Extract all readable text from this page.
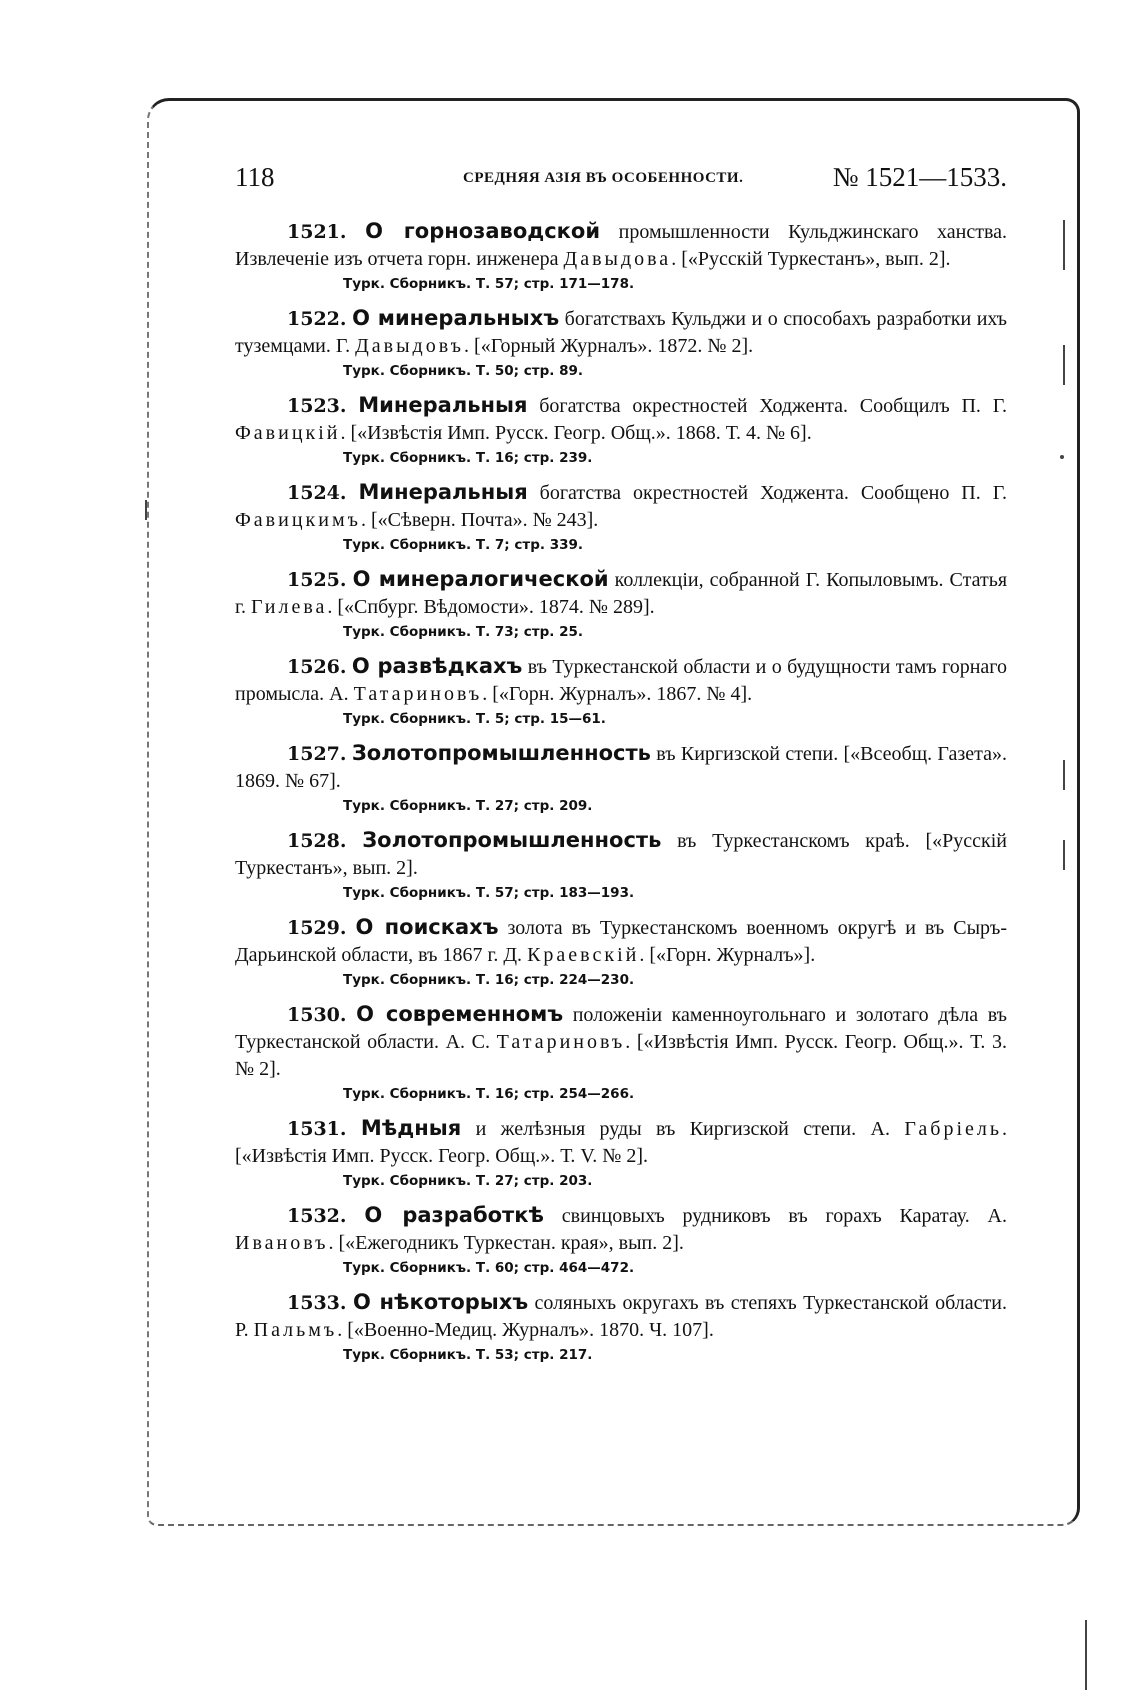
118	СРЕДНЯЯ АЗІЯ ВЪ ОСОБЕННОСТИ.	№ 1521—1533.
1521. О горнозаводской промышленности Кульджинскаго ханства. Извлеченіе изъ отчета горн. инженера Давыдова. [«Русскій Туркестанъ», вып. 2].
Турк. Сборникъ. Т. 57; стр. 171—178.
1522. О минеральныхъ богатствахъ Кульджи и о способахъ разработки ихъ туземцами. Г. Давыдовъ. [«Горный Журналъ». 1872. № 2].
Турк. Сборникъ. Т. 50; стр. 89.
1523. Минеральныя богатства окрестностей Ходжента. Сообщилъ П. Г. Фавицкій. [«Извѣстія Имп. Русск. Геогр. Общ.». 1868. Т. 4. № 6].
Турк. Сборникъ. Т. 16; стр. 239.
1524. Минеральныя богатства окрестностей Ходжента. Сообщено П. Г. Фавицкимъ. [«Сѣверн. Почта». № 243].
Турк. Сборникъ. Т. 7; стр. 339.
1525. О минералогической коллекціи, собранной Г. Копыловымъ. Статья г. Гилева. [«Спбург. Вѣдомости». 1874. № 289].
Турк. Сборникъ. Т. 73; стр. 25.
1526. О развѣдкахъ въ Туркестанской области и о будущности тамъ горнаго промысла. А. Татариновъ. [«Горн. Журналъ». 1867. № 4].
Турк. Сборникъ. Т. 5; стр. 15—61.
1527. Золотопромышленность въ Киргизской степи. [«Всеобщ. Газета». 1869. № 67].
Турк. Сборникъ. Т. 27; стр. 209.
1528. Золотопромышленность въ Туркестанскомъ краѣ. [«Русскій Туркестанъ», вып. 2].
Турк. Сборникъ. Т. 57; стр. 183—193.
1529. О поискахъ золота въ Туркестанскомъ военномъ округѣ и въ Сыръ-Дарьинской области, въ 1867 г. Д. Краевскій. [«Горн. Журналъ»].
Турк. Сборникъ. Т. 16; стр. 224—230.
1530. О современномъ положеніи каменноугольнаго и золотаго дѣла въ Туркестанской области. А. С. Татариновъ. [«Извѣстія Имп. Русск. Геогр. Общ.». Т. 3. № 2].
Турк. Сборникъ. Т. 16; стр. 254—266.
1531. Мѣдныя и желѣзныя руды въ Киргизской степи. А. Габріель. [«Извѣстія Имп. Русск. Геогр. Общ.». Т. V. № 2].
Турк. Сборникъ. Т. 27; стр. 203.
1532. О разработкѣ свинцовыхъ рудниковъ въ горахъ Каратау. А. Ивановъ. [«Ежегодникъ Туркестан. края», вып. 2].
Турк. Сборникъ. Т. 60; стр. 464—472.
1533. О нѣкоторыхъ соляныхъ округахъ въ степяхъ Туркестанской области. Р. Пальмъ. [«Военно-Медиц. Журналъ». 1870. Ч. 107].
Турк. Сборникъ. Т. 53; стр. 217.
